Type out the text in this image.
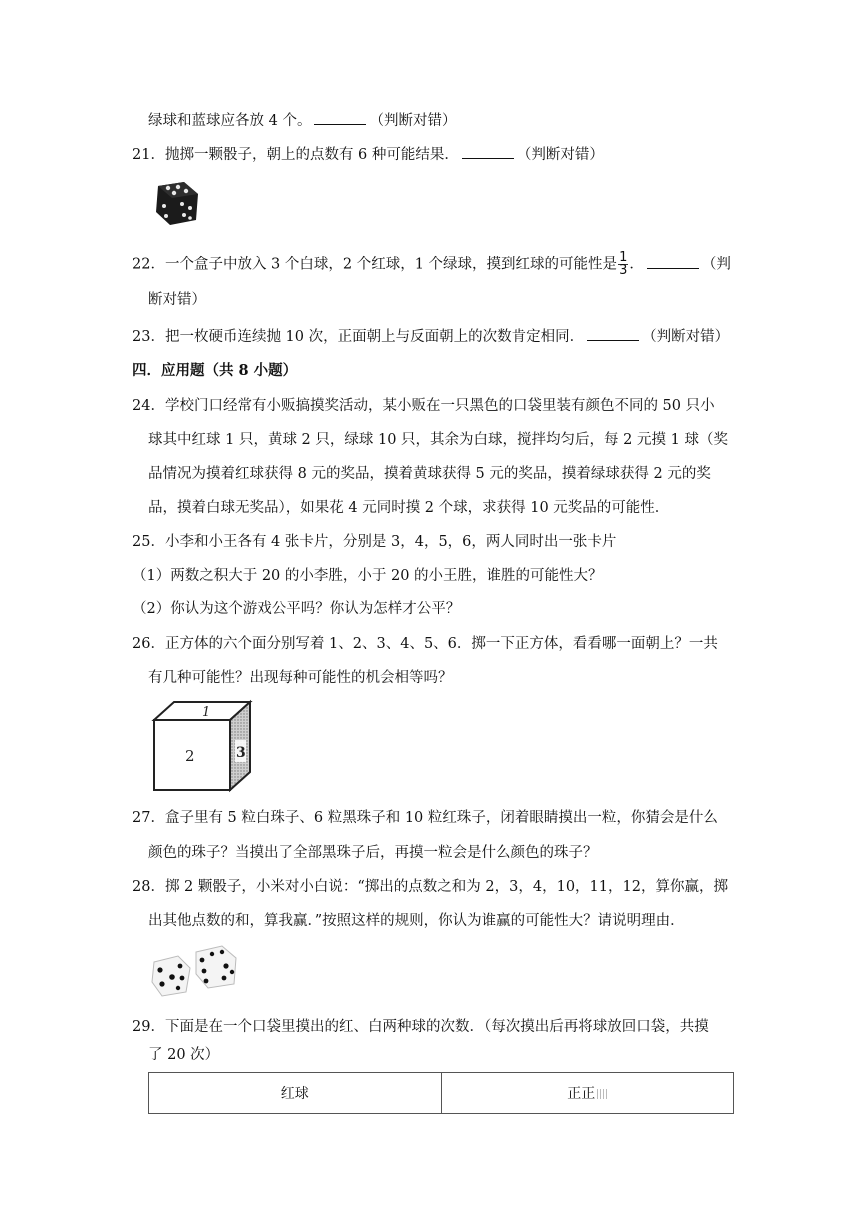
绿球和蓝球应各放 4 个。	（判断对错）
21．抛掷一颗骰子，朝上的点数有 6 种可能结果．	（判断对错）
22．一个盒子中放入 3 个白球，2 个红球，1 个绿球，摸到红球的可能性是 $\frac{1}{3}$ ．	（判
断对错）
23．把一枚硬币连续抛 10 次，正面朝上与反面朝上的次数肯定相同．	（判断对错）
四．应用题（共 8 小题）
24．学校门口经常有小贩搞摸奖活动，某小贩在一只黑色的口袋里装有颜色不同的 50 只小
球其中红球 1 只，黄球 2 只，绿球 10 只，其余为白球，搅拌均匀后，每 2 元摸 1 球（奖
品情况为摸着红球获得 8 元的奖品，摸着黄球获得 5 元的奖品，摸着绿球获得 2 元的奖
品，摸着白球无奖品），如果花 4 元同时摸 2 个球，求获得 10 元奖品的可能性．
25．小李和小王各有 4 张卡片，分别是 3，4，5，6，两人同时出一张卡片
（1）两数之积大于 20 的小李胜，小于 20 的小王胜，谁胜的可能性大？
（2）你认为这个游戏公平吗？你认为怎样才公平？
26．正方体的六个面分别写着 1、2、3、4、5、6．掷一下正方体，看看哪一面朝上？一共
有几种可能性？出现每种可能性的机会相等吗？
1
2	3
27．盒子里有 5 粒白珠子、6 粒黑珠子和 10 粒红珠子，闭着眼睛摸出一粒，你猜会是什么
颜色的珠子？当摸出了全部黑珠子后，再摸一粒会是什么颜色的珠子？
28．掷 2 颗骰子，小米对小白说：“掷出的点数之和为 2，3，4，10，11，12，算你赢，掷
出其他点数的和，算我赢．”按照这样的规则，你认为谁赢的可能性大？请说明理由．
29．下面是在一个口袋里摸出的红、白两种球的次数．（每次摸出后再将球放回口袋，共摸
了 20 次）
红球	正正
